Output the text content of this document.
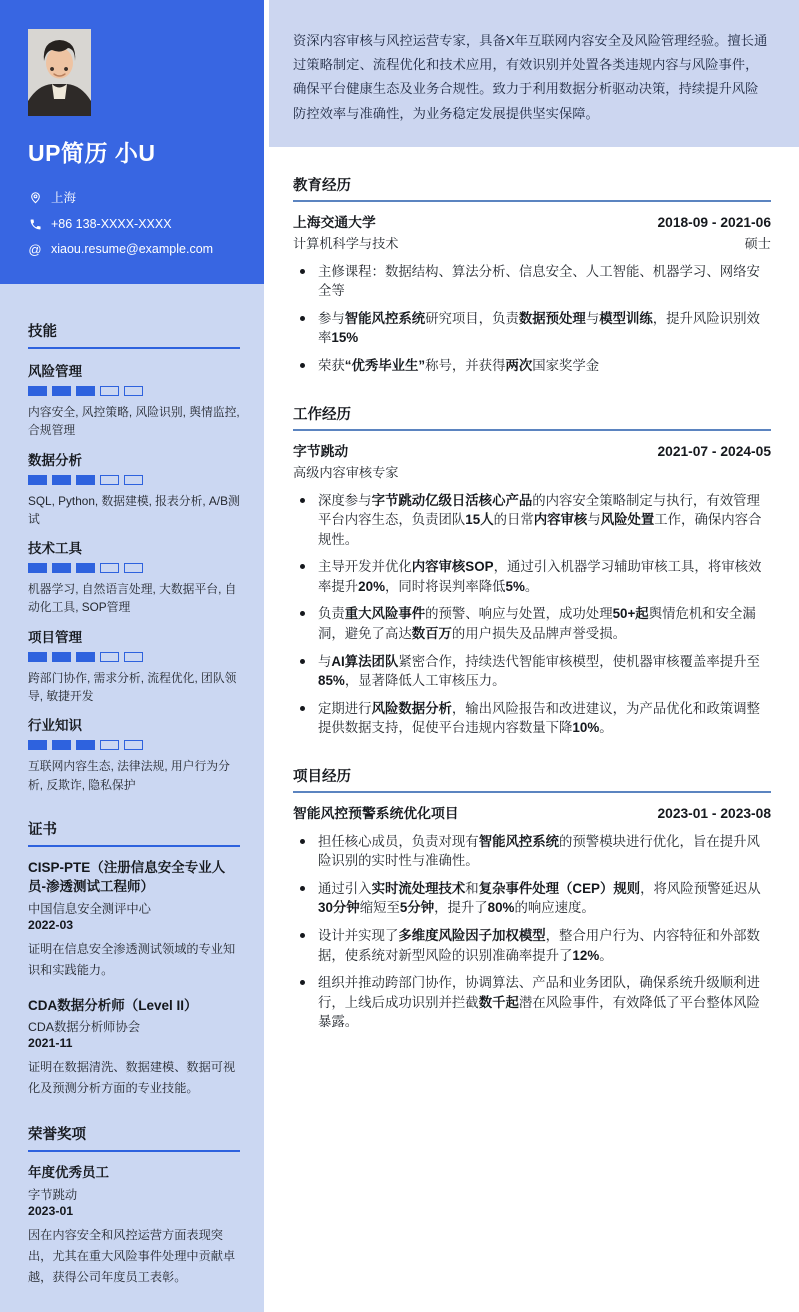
UP简历 小U
上海
+86 138-XXXX-XXXX
@ xiaou.resume@example.com
技能
风险管理
内容安全, 风控策略, 风险识别, 舆情监控, 合规管理
数据分析
SQL, Python, 数据建模, 报表分析, A/B测试
技术工具
机器学习, 自然语言处理, 大数据平台, 自动化工具, SOP管理
项目管理
跨部门协作, 需求分析, 流程优化, 团队领导, 敏捷开发
行业知识
互联网内容生态, 法律法规, 用户行为分析, 反欺诈, 隐私保护
证书
CISP-PTE（注册信息安全专业人员-渗透测试工程师）
中国信息安全测评中心
2022-03
证明在信息安全渗透测试领域的专业知识和实践能力。
CDA数据分析师（Level II）
CDA数据分析师协会
2021-11
证明在数据清洗、数据建模、数据可视化及预测分析方面的专业技能。
荣誉奖项
年度优秀员工
字节跳动
2023-01
因在内容安全和风控运营方面表现突出，尤其在重大风险事件处理中贡献卓越，获得公司年度员工表彰。
资深内容审核与风控运营专家，具备X年互联网内容安全及风险管理经验。擅长通过策略制定、流程优化和技术应用，有效识别并处置各类违规内容与风险事件，确保平台健康生态及业务合规性。致力于利用数据分析驱动决策，持续提升风险防控效率与准确性，为业务稳定发展提供坚实保障。
教育经历
上海交通大学	2018-09 - 2021-06
计算机科学与技术	硕士
主修课程：数据结构、算法分析、信息安全、人工智能、机器学习、网络安全等
参与智能风控系统研究项目，负责数据预处理与模型训练，提升风险识别效率15%
荣获“优秀毕业生”称号，并获得两次国家奖学金
工作经历
字节跳动	2021-07 - 2024-05
高级内容审核专家
深度参与字节跳动亿级日活核心产品的内容安全策略制定与执行，有效管理平台内容生态，负责团队15人的日常内容审核与风险处置工作，确保内容合规性。
主导开发并优化内容审核SOP，通过引入机器学习辅助审核工具，将审核效率提升20%，同时将误判率降低5%。
负责重大风险事件的预警、响应与处置，成功处理50+起舆情危机和安全漏洞，避免了高达数百万的用户损失及品牌声誉受损。
与AI算法团队紧密合作，持续迭代智能审核模型，使机器审核覆盖率提升至85%，显著降低人工审核压力。
定期进行风险数据分析，输出风险报告和改进建议，为产品优化和政策调整提供数据支持，促使平台违规内容数量下降10%。
项目经历
智能风控预警系统优化项目	2023-01 - 2023-08
担任核心成员，负责对现有智能风控系统的预警模块进行优化，旨在提升风险识别的实时性与准确性。
通过引入实时流处理技术和复杂事件处理（CEP）规则，将风险预警延迟从30分钟缩短至5分钟，提升了80%的响应速度。
设计并实现了多维度风险因子加权模型，整合用户行为、内容特征和外部数据，使系统对新型风险的识别准确率提升了12%。
组织并推动跨部门协作，协调算法、产品和业务团队，确保系统升级顺利进行，上线后成功识别并拦截数千起潜在风险事件，有效降低了平台整体风险暴露。
